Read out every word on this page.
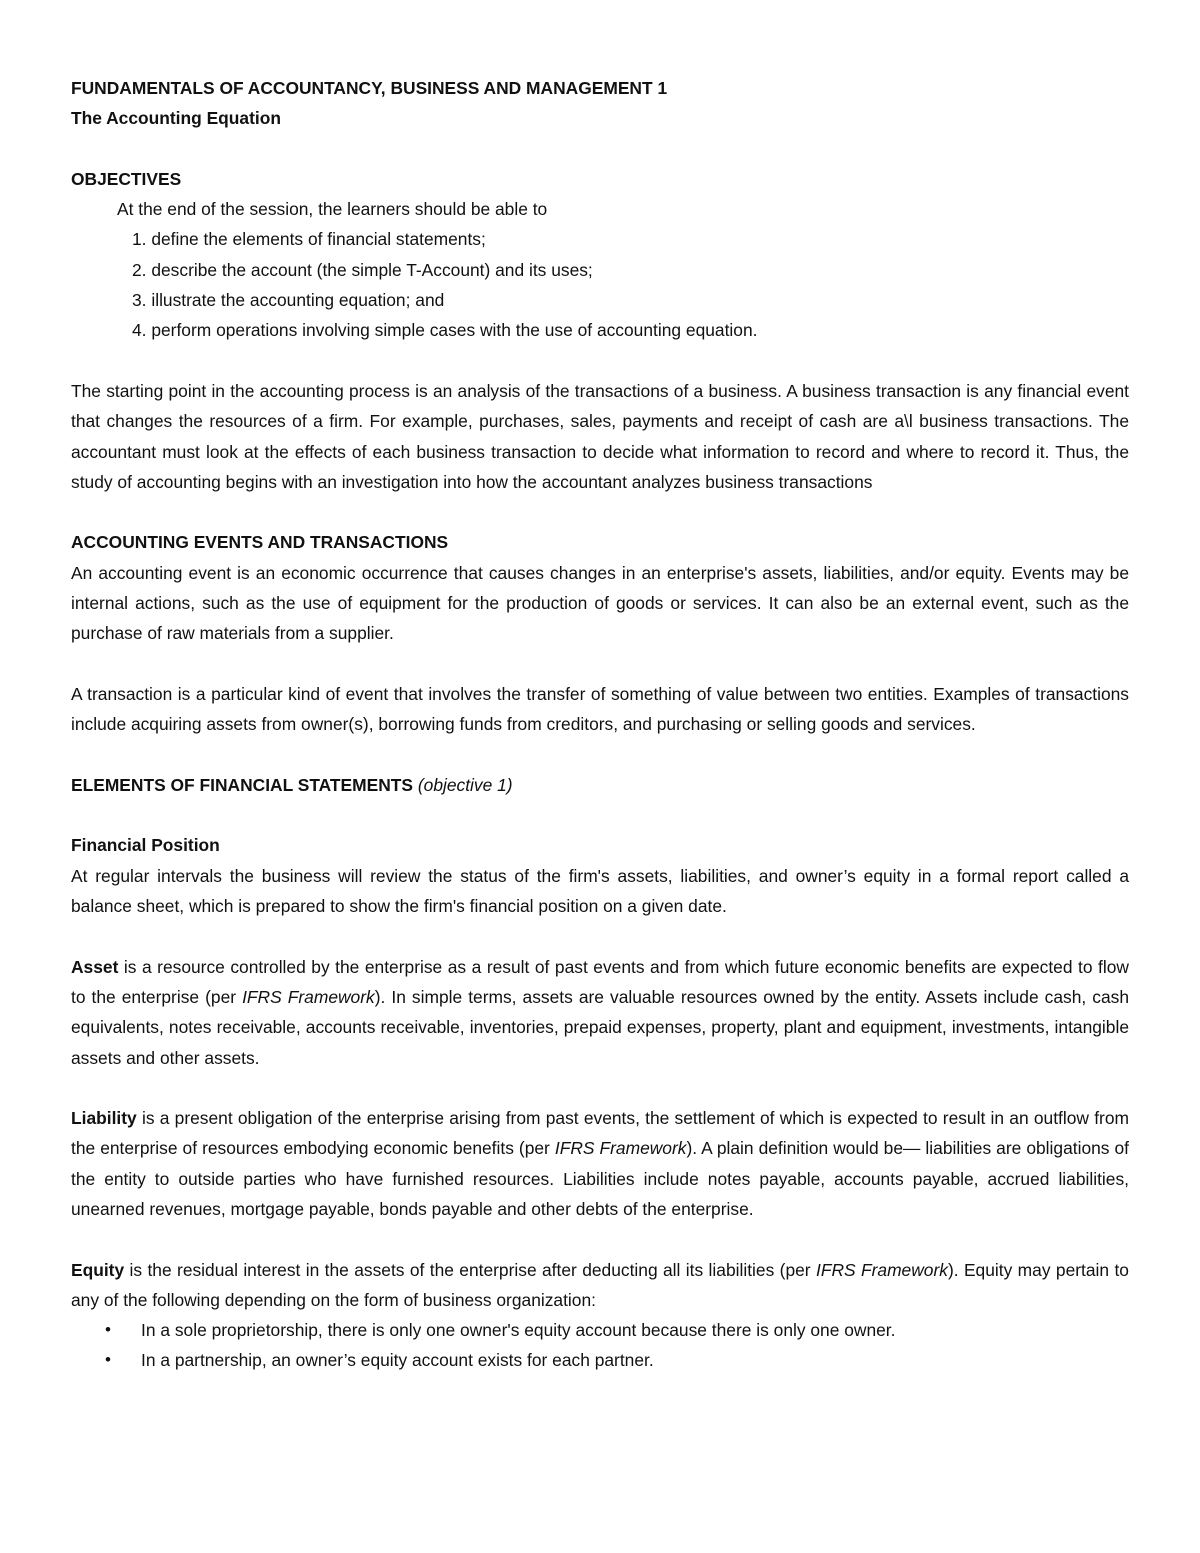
FUNDAMENTALS OF ACCOUNTANCY, BUSINESS AND MANAGEMENT 1

The Accounting Equation

OBJECTIVES

At the end of the session, the learners should be able to

1. define the elements of financial statements;

2. describe the account (the simple T-Account) and its uses;

3. illustrate the accounting equation; and

4. perform operations involving simple cases with the use of accounting equation.

The starting point in the accounting process is an analysis of the transactions of a business. A business transaction is any financial event that changes the resources of a firm. For example, purchases, sales, payments and receipt of cash are a\l business transactions. The accountant must look at the effects of each business transaction to decide what information to record and where to record it. Thus, the study of accounting begins with an investigation into how the accountant analyzes business transactions

ACCOUNTING EVENTS AND TRANSACTIONS

An accounting event is an economic occurrence that causes changes in an enterprise's assets, liabilities, and/or equity. Events may be internal actions, such as the use of equipment for the production of goods or services. It can also be an external event, such as the purchase of raw materials from a supplier.

A transaction is a particular kind of event that involves the transfer of something of value between two entities. Examples of transactions include acquiring assets from owner(s), borrowing funds from creditors, and purchasing or selling goods and services.

ELEMENTS OF FINANCIAL STATEMENTS (objective 1)

Financial Position

At regular intervals the business will review the status of the firm's assets, liabilities, and owner’s equity in a formal report called a balance sheet, which is prepared to show the firm's financial position on a given date.

Asset is a resource controlled by the enterprise as a result of past events and from which future economic benefits are expected to flow to the enterprise (per IFRS Framework). In simple terms, assets are valuable resources owned by the entity. Assets include cash, cash equivalents, notes receivable, accounts receivable, inventories, prepaid expenses, property, plant and equipment, investments, intangible assets and other assets.

Liability is a present obligation of the enterprise arising from past events, the settlement of which is expected to result in an outflow from the enterprise of resources embodying economic benefits (per IFRS Framework). A plain definition would be— liabilities are obligations of the entity to outside parties who have furnished resources. Liabilities include notes payable, accounts payable, accrued liabilities, unearned revenues, mortgage payable, bonds payable and other debts of the enterprise.

Equity is the residual interest in the assets of the enterprise after deducting all its liabilities (per IFRS Framework). Equity may pertain to any of the following depending on the form of business organization:

• In a sole proprietorship, there is only one owner's equity account because there is only one owner.
• In a partnership, an owner’s equity account exists for each partner.
